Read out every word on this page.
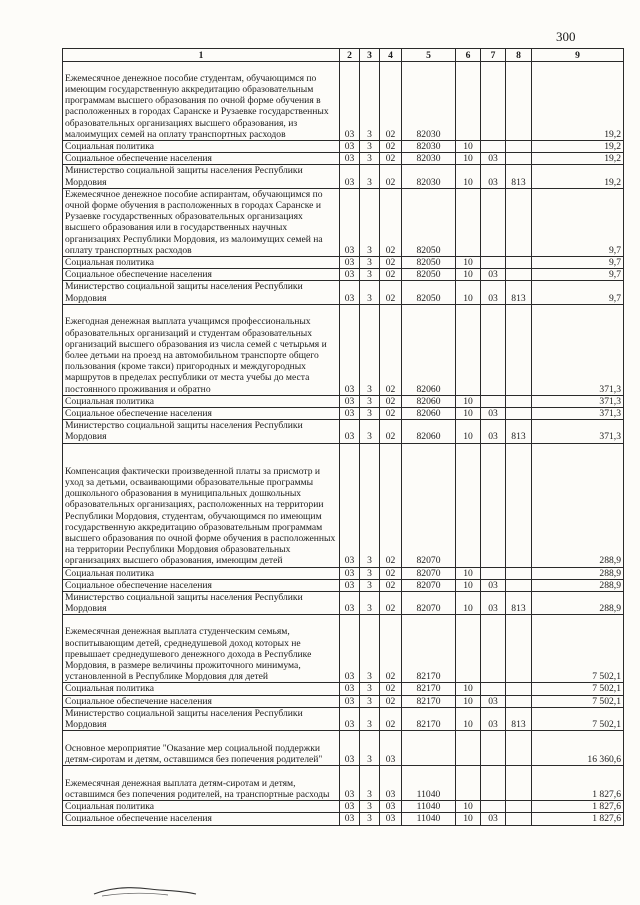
300
1	2	3	4	5	6	7	8	9
Ежемесячное денежное пособие студентам, обучающимся по имеющим государственную аккредитацию образовательным программам высшего образования по очной форме обучения в расположенных в городах Саранске и Рузаевке государственных образовательных организациях высшего образования, из малоимущих семей на оплату транспортных расходов	03	3	02	82030				19,2
Социальная политика	03	3	02	82030	10			19,2
Социальное обеспечение населения	03	3	02	82030	10	03		19,2
Министерство социальной защиты населения Республики Мордовия	03	3	02	82030	10	03	813	19,2
Ежемесячное денежное пособие аспирантам, обучающимся по очной форме обучения в расположенных в городах Саранске и Рузаевке государственных образовательных организациях высшего образования или в государственных научных организациях Республики Мордовия, из малоимущих семей на оплату транспортных расходов	03	3	02	82050				9,7
Социальная политика	03	3	02	82050	10			9,7
Социальное обеспечение населения	03	3	02	82050	10	03		9,7
Министерство социальной защиты населения Республики Мордовия	03	3	02	82050	10	03	813	9,7
Ежегодная денежная выплата учащимся профессиональных образовательных организаций и студентам образовательных организаций высшего образования из числа семей с четырьмя и более детьми на проезд на автомобильном транспорте общего пользования (кроме такси) пригородных и междугородных маршрутов в пределах республики от места учебы до места постоянного проживания и обратно	03	3	02	82060				371,3
Социальная политика	03	3	02	82060	10			371,3
Социальное обеспечение населения	03	3	02	82060	10	03		371,3
Министерство социальной защиты населения Республики Мордовия	03	3	02	82060	10	03	813	371,3
Компенсация фактически произведенной платы за присмотр и уход за детьми, осваивающими образовательные программы дошкольного образования в муниципальных дошкольных образовательных организациях, расположенных на территории Республики Мордовия, студентам, обучающимся по имеющим государственную аккредитацию образовательным программам высшего образования по очной форме обучения в расположенных на территории Республики Мордовия образовательных организациях высшего образования, имеющим детей	03	3	02	82070				288,9
Социальная политика	03	3	02	82070	10			288,9
Социальное обеспечение населения	03	3	02	82070	10	03		288,9
Министерство социальной защиты населения Республики Мордовия	03	3	02	82070	10	03	813	288,9
Ежемесячная денежная выплата студенческим семьям, воспитывающим детей, среднедушевой доход которых не превышает среднедушевого денежного дохода в Республике Мордовия, в размере величины прожиточного минимума, установленной в Республике Мордовия для детей	03	3	02	82170				7 502,1
Социальная политика	03	3	02	82170	10			7 502,1
Социальное обеспечение населения	03	3	02	82170	10	03		7 502,1
Министерство социальной защиты населения Республики Мордовия	03	3	02	82170	10	03	813	7 502,1
Основное мероприятие "Оказание мер социальной поддержки детям-сиротам и детям, оставшимся без попечения родителей"	03	3	03					16 360,6
Ежемесячная денежная выплата детям-сиротам и детям, оставшимся без попечения родителей, на транспортные расходы	03	3	03	11040				1 827,6
Социальная политика	03	3	03	11040	10			1 827,6
Социальное обеспечение населения	03	3	03	11040	10	03		1 827,6
